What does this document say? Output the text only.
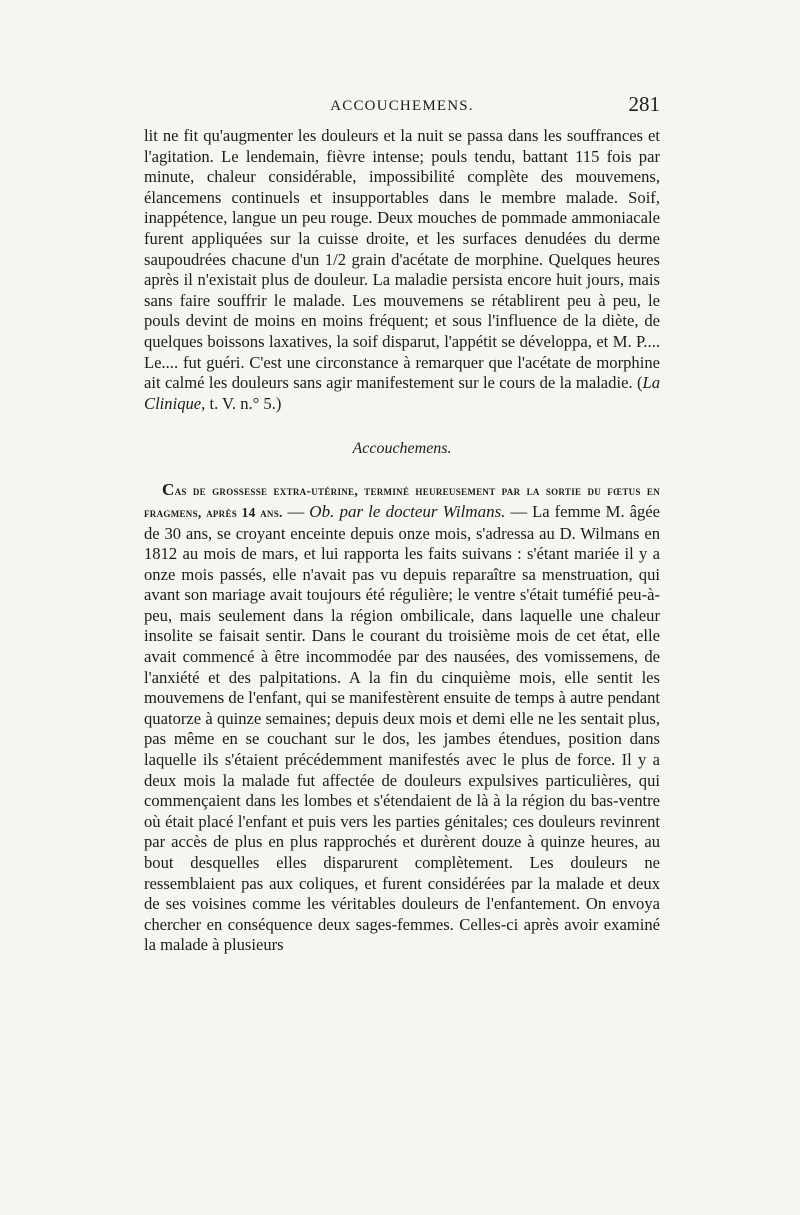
ACCOUCHEMENS.	281

lit ne fit qu'augmenter les douleurs et la nuit se passa dans les souffrances et l'agitation. Le lendemain, fièvre intense; pouls tendu, battant 115 fois par minute, chaleur considérable, impossibilité complète des mouvemens, élancemens continuels et insupportables dans le membre malade. Soif, inappétence, langue un peu rouge. Deux mouches de pommade ammoniacale furent appliquées sur la cuisse droite, et les surfaces denudées du derme saupoudrées chacune d'un 1/2 grain d'acétate de morphine. Quelques heures après il n'existait plus de douleur. La maladie persista encore huit jours, mais sans faire souffrir le malade. Les mouvemens se rétablirent peu à peu, le pouls devint de moins en moins fréquent; et sous l'influence de la diète, de quelques boissons laxatives, la soif disparut, l'appétit se développa, et M. P.... Le.... fut guéri. C'est une circonstance à remarquer que l'acétate de morphine ait calmé les douleurs sans agir manifestement sur le cours de la maladie. (La Clinique, t. V. n.° 5.)

Accouchemens.

Cas de grossesse extra-utérine, terminé heureusement par la sortie du fœtus en fragmens, après 14 ans. — Ob. par le docteur Wilmans. — La femme M. âgée de 30 ans, se croyant enceinte depuis onze mois, s'adressa au D. Wilmans en 1812 au mois de mars, et lui rapporta les faits suivans : s'étant mariée il y a onze mois passés, elle n'avait pas vu depuis reparaître sa menstruation, qui avant son mariage avait toujours été régulière; le ventre s'était tuméfié peu-à-peu, mais seulement dans la région ombilicale, dans laquelle une chaleur insolite se faisait sentir. Dans le courant du troisième mois de cet état, elle avait commencé à être incommodée par des nausées, des vomissemens, de l'anxiété et des palpitations. A la fin du cinquième mois, elle sentit les mouvemens de l'enfant, qui se manifestèrent ensuite de temps à autre pendant quatorze à quinze semaines; depuis deux mois et demi elle ne les sentait plus, pas même en se couchant sur le dos, les jambes étendues, position dans laquelle ils s'étaient précédemment manifestés avec le plus de force. Il y a deux mois la malade fut affectée de douleurs expulsives particulières, qui commençaient dans les lombes et s'étendaient de là à la région du bas-ventre où était placé l'enfant et puis vers les parties génitales; ces douleurs revinrent par accès de plus en plus rapprochés et durèrent douze à quinze heures, au bout desquelles elles disparurent complètement. Les douleurs ne ressemblaient pas aux coliques, et furent considérées par la malade et deux de ses voisines comme les véritables douleurs de l'enfantement. On envoya chercher en conséquence deux sages-femmes. Celles-ci après avoir examiné la malade à plusieurs
